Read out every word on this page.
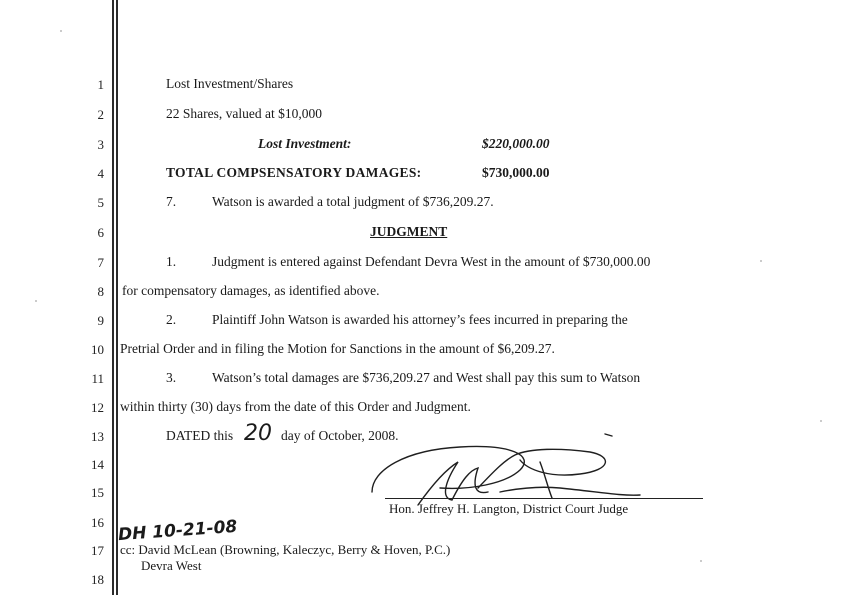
1
2
3
4
5
6
7
8
9
10
11
12
13
14
15
16
17
18
Lost Investment/Shares
22 Shares, valued at $10,000
Lost Investment:	$220,000.00
TOTAL COMPSENSATORY DAMAGES:	$730,000.00
7.	Watson is awarded a total judgment of $736,209.27.
JUDGMENT
1.	Judgment is entered against Defendant Devra West in the amount of $730,000.00
for compensatory damages, as identified above.
2.	Plaintiff John Watson is awarded his attorney’s fees incurred in preparing the
Pretrial Order and in filing the Motion for Sanctions in the amount of $6,209.27.
3.	Watson’s total damages are $736,209.27 and West shall pay this sum to Watson
within thirty (30) days from the date of this Order and Judgment.
DATED this 20 day of October, 2008.
Hon. Jeffrey H. Langton, District Court Judge
DH 10-21-08
cc: David McLean (Browning, Kaleczyc, Berry & Hoven, P.C.)
Devra West
